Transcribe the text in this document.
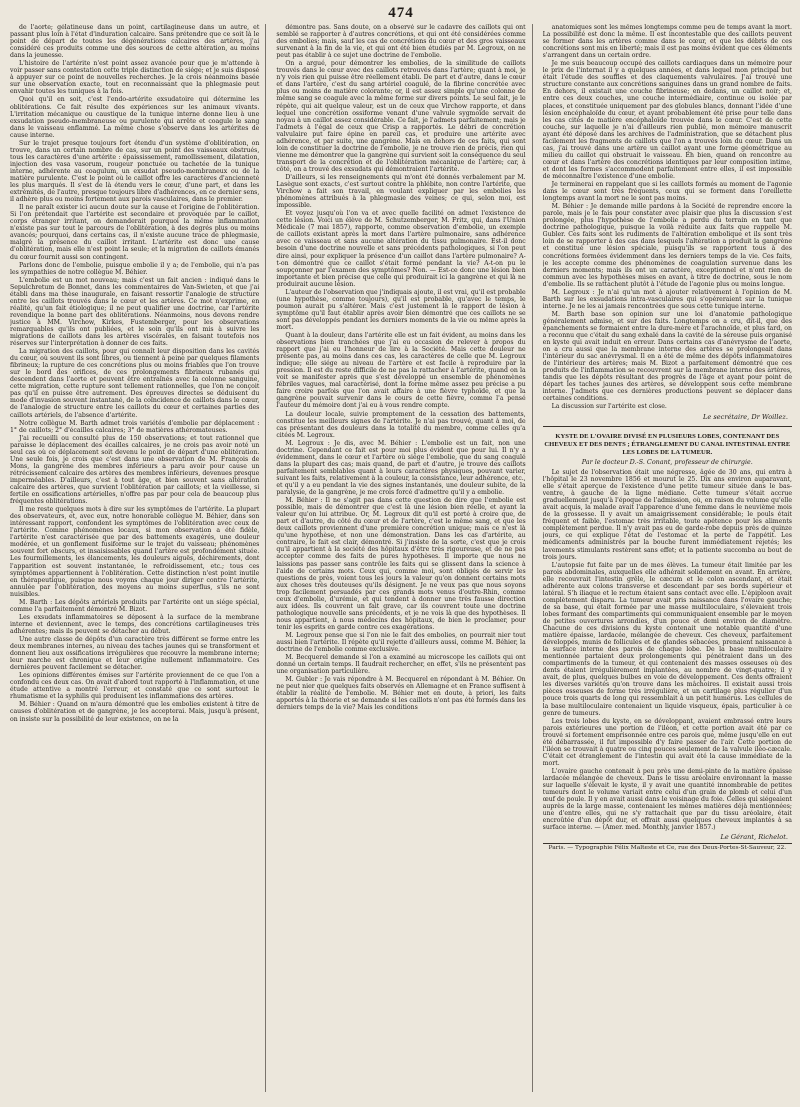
474

de l'aorte; gélatineuse dans un point, cartilagineuse dans un autre, et passant plus loin à l'état d'induration calcaire. Sans prétendre que ce soit là le point de départ de toutes les dégénérations calcaires des artères, j'ai considéré ces produits comme une des sources de cette altération, au moins dans la jeunesse.

L'histoire de l'artérite n'est point assez avancée pour que je m'attende à voir passer sans contestation cette triple distinction de siége; et je suis disposé à appuyer sur ce point de nouvelles recherches. Je la crois néanmoins basée sur une observation exacte, tout en reconnaissant que la phlegmasie peut envahir toutes les tuniques à la fois.

Quoi qu'il en soit, c'est l'endo-artérite exsudatoire qui détermine les oblitérations. Ce fait résulte des expériences sur les animaux vivants. L'irritation mécanique ou caustique de la tunique interne donne lieu à une exsudation pseudo-membraneuse ou purulente qui arrête et coagule le sang dans le vaisseau enflammé. La même chose s'observe dans les artérites de cause interne.

Sur le trajet presque toujours fort étendu d'un système d'oblitération, on trouve, dans un certain nombre de cas, sur un point des vaisseaux obstrués, tous les caractères d'une artérite : épaississement, ramollissement, dilatation, injection des vasa vasorum, rougeur ponctuée ou tachetée de la tunique interne, adhérente au coagulum, un exsudat pseudo-membraneux ou de la matière purulente. C'est le point où le caillot offre les caractères d'ancienneté les plus marqués. Il s'est de là étendu vers le cœur, d'une part, et dans les extrémités, de l'autre, presque toujours libre d'adhérences, en ce dernier sens, il adhère plus ou moins fortement aux parois vasculaires, dans le premier.

Il ne paraît exister ici aucun doute sur la cause et l'origine de l'oblitération. Si l'on prétendait que l'artérite est secondaire et provoquée par le caillot, corps étranger irritant, on demanderait pourquoi la même inflammation n'existe pas sur tout le parcours de l'oblitération, à des degrés plus ou moins avancés; pourquoi, dans certains cas, il n'existe aucune trace de phlegmasie, malgré la présence du caillot irritant. L'artérite est donc une cause d'oblitération, mais elle n'est point la seule; et la migration de caillots émanés du cœur fournit aussi son contingent.

Parlons donc de l'embolie, puisque embolie il y a; de l'embolie, qui n'a pas les sympathies de notre collègue M. Béhier.

L'embolie est un mot nouveau; mais c'est un fait ancien : indiqué dans le Sepulchretum de Bonnet, dans les commentaires de Van-Swieten, et que j'ai établi dans ma thèse inaugurale, en faisant ressortir l'analogie de structure entre les caillots trouvés dans le cœur et les artères. Ce mot n'exprime, en réalité, qu'un fait étiologique; il ne peut qualifier une doctrine, car l'artérite revendique la bonne part des oblitérations. Néanmoins, nous devons rendre justice à MM. Virchow, Kirkes, Fustemberger, pour les observations remarquables qu'ils ont publiées, et le soin qu'ils ont mis à suivre les migrations de caillots dans les artères viscérales, en faisant toutefois nos réserves sur l'interprétation à donner de ces faits.

La migration des caillots, pour qui connaît leur disposition dans les cavités du cœur, où souvent ils sont libres, ou tiennent à peine par quelques filaments fibrineux; la rupture de ces concrétions plus ou moins friables que l'on trouve sur le bord des orifices, de ces prolongements fibrineux rubanés qui descendent dans l'aorte et peuvent être entraînés avec la colonne sanguine, cette migration, cette rupture sont tellement rationnelles, que l'on ne conçoit pas qu'il en puisse être autrement. Des épreuves directes se déduisent du mode d'invasion souvent instantané, de la coïncidence de caillots dans le cœur, de l'analogie de structure entre les caillots du cœur et certaines parties des caillots artériels, de l'absence d'artérite.

Notre collègue M. Barth admet trois variétés d'embolie par déplacement : 1° de caillots; 2° d'écailles calcaires; 3° de matières athéromateuses.

J'ai recueilli ou consulté plus de 150 observations; et tout rationnel que paraisse le déplacement des écailles calcaires, je ne crois pas avoir noté un seul cas où ce déplacement soit devenu le point de départ d'une oblitération. Une seule fois, je crois que c'est dans une observation de M. François de Mons, la gangrène des membres inférieurs a paru avoir pour cause un rétrécissement calcaire des artères des membres inférieurs, devenues presque imperméables. D'ailleurs, c'est à tout âge, et bien souvent sans altération calcaire des artères, que survient l'oblitération par caillots; et la vieillesse, si fertile en ossifications artérielles, n'offre pas par pour cela de beaucoup plus fréquentes oblitérations.

Il me reste quelques mots à dire sur les symptômes de l'artérite. La plupart des observateurs, et, avec eux, notre honorable collègue M. Béhier, dans son intéressant rapport, confondent les symptômes de l'oblitération avec ceux de l'artérite. Comme phénomènes locaux, si mon observation a été fidèle, l'artérite n'est caractérisée que par des battements exagérés, une douleur modérée, et un gonflement fusiforme sur le trajet du vaisseau; phénomènes souvent fort obscurs, et insaisissables quand l'artère est profondément située. Les fourmillements, les élancements, les douleurs aiguës, déchirements, dont l'apparition est souvent instantanée, le refroidissement, etc.; tous ces symptômes appartiennent à l'oblitération. Cette distinction n'est point inutile en thérapeutique, puisque nous voyons chaque jour diriger contre l'artérite, annulée par l'oblitération, des moyens au moins superflus, s'ils ne sont nuisibles.

M. Barth : Les dépôts artériels produits par l'artérite ont un siége spécial, comme l'a parfaitement démontré M. Bizot.

Les exsudats inflammatoires se déposent à la surface de la membrane interne et deviennent, avec le temps, des concrétions cartilagineuses très adhérentes; mais ils peuvent se détacher au début.

Une autre classe de dépôts d'un caractère très différent se forme entre les deux membranes internes, au niveau des taches jaunes qui se transforment et donnent lieu aux ossifications irrégulières que recouvre la membrane interne; leur marche est chronique et leur origine nullement inflammatoire. Ces dernières peuvent facilement se détacher.

Les opinions différentes émises sur l'artérite proviennent de ce que l'on a confondu ces deux cas. On avait d'abord tout rapporté à l'inflammation, et une étude attentive a montré l'erreur, et constaté que ce sont surtout le rhumatisme et la syphilis qui produisent les inflammations des artères.

M. Béhier : Quand on m'aura démontré que les embolies existent à titre de causes d'oblitération et de gangrène, je les accepterai. Mais, jusqu'à présent, on insiste sur la possibilité de leur existence, on ne la

démontre pas. Sans doute, on a observé sur le cadavre des caillots qui ont semblé se rapporter à d'autres concrétions, et qui ont été considérées comme des embolies; mais, sauf les cas de concrétions du cœur et des gros vaisseaux survenant à la fin de la vie, et qui ont été bien étudiés par M. Legroux, on ne peut pas établir à ce sujet une doctrine de l'embolie.

On a argué, pour démontrer les embolies, de la similitude de caillots trouvés dans le cœur avec des caillots retrouvés dans l'artère; quant à moi, je n'y vois rien qui puisse être réellement établi. De part et d'autre, dans le cœur et dans l'artère, c'est du sang artériel coagulé, de la fibrine concrétée avec plus ou moins de matière colorante; or, il est assez simple qu'une colonne de même sang se coagule avec la même forme sur divers points. Le seul fait, je le répète, qui ait quelque valeur, est un de ceux que Virchow rapporte, et dans lequel une concrétion ossiforme venant d'une valvule sygmoïde servait de noyau à un caillot assez considérable. Ce fait, je l'admets parfaitement; mais je l'admets à l'égal de ceux que Crisp a rapportés. Le débri de concrétion valvulaire put faire épine en pareil cas, et produire une artérite avec adhérence, et par suite, une gangrène. Mais en dehors de ces faits, qui sont loin de constituer la doctrine de l'embolie, je ne trouve rien de précis, rien qui vienne me démontrer que la gangrène qui survient soit la conséquence du seul transport de la concrétion et de l'oblitération mécanique de l'artère; car, à côté, on a trouvé des exsudats qui démontraient l'artérite.

D'ailleurs, si les renseignements qui m'ont été donnés verbalement par M. Lasègue sont exacts, c'est surtout contre la phlébite, non contre l'artérite, que Virchow a fait son travail, en voulant expliquer par les embolies les phénomènes attribués à la phlegmasie des veines; ce qui, selon moi, est impossible.

Et voyez jusqu'où l'on va et avec quelle facilité on admet l'existence de cette lésion. Voici un élève de M. Schutzemberger, M. Fritz, qui, dans l'Union Médicale (7 mai 1857), rapporte, comme observation d'embolie, un exemple de caillots existant après la mort dans l'artère pulmonaire, sans adhérence avec ce vaisseau et sans aucune altération du tissu pulmonaire. Est-il donc besoin d'une doctrine nouvelle et sans précédents pathologiques, si l'on peut dire ainsi, pour expliquer la présence d'un caillot dans l'artère pulmonaire? A-t-on démontré que ce caillot s'était formé pendant la vie? A-t-on pu le soupçonner par l'examen des symptômes? Non. — Est-ce donc une lésion bien importante et bien précise que celle qui produirait ici la gangrène et qui là ne produirait aucune lésion.

L'auteur de l'observation que j'indiquais ajoute, il est vrai, qu'il est probable (une hypothèse, comme toujours), qu'il est probable, qu'avec le temps, le poumon aurait pu s'altérer. Mais c'est justement là le rapport de lésion à symptôme qu'il faut établir après avoir bien démontré que ces caillots ne se sont pas développés pendant les derniers moments de la vie ou même après la mort.

Quant à la douleur, dans l'artérite elle est un fait évident, au moins dans les observations bien tranchées que j'ai eu occasion de relever à propos du rapport que j'ai eu l'honneur de lire à la Société. Mais cette douleur ne présente pas, au moins dans ces cas, les caractères de celle que M. Legroux indique; elle siége au niveau de l'artère et est facile à reproduire par la pression. Il est du reste difficile de ne pas la rattacher à l'artérite, quand on la voit se manifester après que s'est développé un ensemble de phénomènes fébriles vagues, mal caractérisé, dont la forme même assez peu précise a pu faire croire parfois que l'on avait affaire à une fièvre typhoïde, et que la gangrène pouvait survenir dans le cours de cette fièvre, comme l'a pensé l'auteur du mémoire dont j'ai eu à vous rendre compte.

La douleur locale, suivie promptement de la cessation des battements, constitue les meilleurs signes de l'artérite. Je n'ai pas trouvé, quant à moi, de cas présentant des douleurs dans la totalité du membre, comme celles qu'a citées M. Legroux.

M. Legroux : Je dis, avec M. Béhier : L'embolie est un fait, non une doctrine. Cependant ce fait est pour moi plus évident que pour lui. Il n'y a évidemment, dans le cœur et l'artère où siége l'embolie, que du sang coagulé dans la plupart des cas; mais quand, de part et d'autre, je trouve des caillots parfaitement semblables quant à leurs caractères physiques, pouvant varier, suivant les faits, relativement à la couleur, la consistance, leur adhérence, etc., et qu'il y a eu pendant la vie des signes instantanés, une douleur subite, de la paralysie, de la gangrène, je me crois forcé d'admettre qu'il y a embolie.

M. Béhier : Il ne s'agit pas dans cette question de dire que l'embolie est possible, mais de démontrer que c'est là une lésion bien réelle, et ayant la valeur qu'on lui attribue. Or, M. Legroux dit qu'il est porté à croire que, de part et d'autre, du côté du cœur et de l'artère, c'est le même sang, et que les deux caillots proviennent d'une première concrétion unique; mais ce n'est là qu'une hypothèse, et non une démonstration. Dans les cas d'artérite, au contraire, le fait est clair, démontré. Si j'insiste de la sorte, c'est que je crois qu'il appartient à la société des hôpitaux d'être très rigoureuse, et de ne pas accepter comme des faits de pures hypothèses. Il importe que nous ne laissions pas passer sans contrôle les faits qui se glissent dans la science à l'aide de certains mots. Ceux qui, comme moi, sont obligés de servir les questions de près, voient tous les jours la valeur qu'on donnent certains mots aux choses très douteuses qu'ils désignent. Je ne veux pas que nous soyons trop facilement persuadés par ces grands mots venus d'outre-Rhin, comme ceux d'embolie, d'urémie, et qui tendent à donner une très fausse direction aux idées. Ils couvrent un fait grave, car ils couvrent toute une doctrine pathologique nouvelle sans précédents, et je ne vois là que des hypothèses. Il nous appartient, à nous médecins des hôpitaux, de bien le proclamer, pour tenir les esprits en garde contre ces exagérations.

M. Legroux pense que si l'on nie le fait des embolies, on pourrait nier tout aussi bien l'artérite. Il répète qu'il rejette d'ailleurs aussi, comme M. Béhier, la doctrine de l'embolie comme exclusive.

M. Becquerel demande si l'on a examiné au microscope les caillots qui ont donné un certain temps. Il faudrait rechercher, en effet, s'ils ne présentent pas une organisation particulière.

M. Gubler : Je vais répondre à M. Becquerel en répondant à M. Béhier. On ne peut nier que quelques faits observés en Allemagne et en France suffisent à établir la réalité de l'embolie. M. Béhier met en doute, à priori, les faits apportés à la théorie et se demande si les caillots n'ont pas été formés dans les derniers temps de la vie? Mais les conditions

anatomiques sont les mêmes longtemps comme peu de temps avant la mort. La possibilité est donc la même. Il est incontestable que des caillots peuvent se former dans les artères comme dans le cœur, et que les débris de ces concrétions sont mis en liberté; mais il est pas moins évident que ces éléments s'arrangent dans un certain ordre.

Je me suis beaucoup occupé des caillots cardiaques dans un mémoire pour le prix de l'internat il y a quelques années, et dans lequel mon principal but était l'étude des souffles et des claquements valvulaires. J'ai trouvé une structure constante aux concrétions sanguines dans un grand nombre de faits. En dehors, il existait une couche fibrineuse; en dedans, un caillot noir; et, entre ces deux couches, une couche intermédiaire, continue ou isolée par places, et constituée uniquement par des globules blancs, donnant l'idée d'une lésion encéphaloïde du cœur, et ayant probablement été prise pour telle dans les cas cités de matière encéphaloïde trouvée dans le cœur. C'est de cette couche, sur laquelle je n'ai d'ailleurs rien publié, mon mémoire manuscrit ayant été déposé dans les archives de l'administration, que se détachent plus facilement les fragments de caillots que l'on a trouvés loin du cœur. Dans un cas, j'ai trouvé dans une artère un caillot ayant une forme géométrique au milieu du caillot qui obstruait le vaisseau. Eh bien, quand on rencontre au cœur et dans l'artère des concrétions identiques par leur composition intime, et dont les formes s'accommodent parfaitement entre elles, il est impossible de méconnaître l'existence d'une embolie.

Je terminerai en rappelant que si les caillots formés au moment de l'agonie dans le cœur sont très fréquents, ceux qui se forment dans l'oreillette longtemps avant la mort ne le sont pas moins.

M. Béhier : Je demande mille pardons à la Société de reprendre encore la parole, mais je le fais pour constater avec plaisir que plus la discussion s'est prolongée, plus l'hypothèse de l'embolie a perdu du terrain en tant que doctrine pathologique, puisque la voilà réduite aux faits que rappelle M. Gubler. Ces faits sont les rudiments de l'altération embolique et ils sont très loin de se rapporter à des cas dans lesquels l'altération a produit la gangrène et constitué une lésion spéciale, puisqu'ils se rapportent tous à des concrétions formées évidemment dans les derniers temps de la vie. Ces faits, je les accepte comme des phénomènes de coagulation survenue dans les derniers moments; mais ils ont un caractère, exceptionnel et n'ont rien de commun avec les hypothèses mises en avant, à titre de doctrine, sous le nom d'embolie. Ils se rattachent plutôt à l'étude de l'agonie plus ou moins longue.

M. Legroux : Je n'ai qu'un mot à ajouter relativement à l'opinion de M. Barth sur les exsudations intra-vasculaires qui s'opéreraient sur la tunique interne. Je ne les ai jamais rencontrées que sous cette tunique interne.

M. Barth base son opinion sur une loi d'anatomie pathologique généralement admise, et sur des faits. Longtemps on a cru, dit-il, que des épanchements se formaient entre la dure-mère et l'arachnoïde, et plus tard, on a reconnu que c'était du sang exhalé dans la cavité de la séreuse puis organisé en kyste qui avait induit en erreur. Dans certains cas d'anévrysme de l'aorte, on a cru aussi que la membrane interne des artères se prolongeait dans l'intérieur du sac anévrysmal. Il en a été de même des dépôts inflammatoires de l'intérieur des artères; mais M. Bizot a parfaitement démontré que ces produits de l'inflammation se recouvrent sur la membrane interne des artères, tandis que les dépôts résultant des progrès de l'âge et ayant pour point de départ les taches jaunes des artères, se développent sous cette membrane interne. J'admets que ces dernières productions peuvent se déplacer dans certaines conditions.

La discussion sur l'artérite est close.

Le secrétaire, Dr Woillez.
KYSTE DE L'OVAIRE DIVISÉ EN PLUSIEURS LOBES, CONTENANT DES CHEVEUX ET DES DENTS ; ÉTRANGLEMENT DU CANAL INTESTINAL ENTRE LES LOBES DE LA TUMEUR.
Par le docteur D.-S. Conant, professeur de chirurgie.

Le sujet de l'observation était une négresse, âgée de 30 ans, qui entra à l'hôpital le 23 novembre 1856 et mourut le 25. Dix ans environ auparavant, elle s'était aperçue de l'existence d'une petite tumeur située dans le bas-ventre, à gauche de la ligne médiane. Cette tumeur s'était accrue graduellement jusqu'à l'époque de l'admission, où, en raison du volume qu'elle avait acquis, la malade avait l'apparence d'une femme dans le neuvième mois de la grossesse. Il y avait un amaigrissement considérable; le pouls était fréquent et faible, l'estomac très irritable, toute apétence pour les aliments complètement perdue. Il n'y avait pas eu de garde-robe depuis près de quinze jours, ce qui explique l'état de l'estomac et la perte de l'appétit. Les médicaments administrés par la bouche furent immédiatement rejetés; les lavements stimulants restèrent sans effet; et la patiente succomba au bout de trois jours.

L'autopsie fut faite par un de mes élèves. La tumeur était limitée par les parois abdominales, auxquelles elle adhérait solidement en avant. En arrière, elle recouvrait l'intestin grêle, le cæcum et le colon ascendant, et était adhérente aux colons transverse et descendant par ses bords supérieur et latéral. S'h iliaque et le rectum étaient sans contact avec elle. L'épiploon avait complètement disparu. La tumeur avait pris naissance dans l'ovaire gauche; de sa base, qui était formée par une masse multiloculaire, s'élevaient trois lobes formant des compartiments qui communiquaient ensemble par le moyen de petites ouvertures arrondies, d'un pouce et demi environ de diamètre. Chacune de ces divisions du kyste contenait une notable quantité d'une matière épaisse, lardacée, mélangée de cheveux. Ces cheveux, parfaitement développés, munis de follicules et de glandes sébacées, prenaient naissance à la surface interne des parois de chaque lobe. De la base multiloculaire mentionnée partaient deux prolongements qui pénétraient dans un des compartiments de la tumeur, et qui contenaient des masses osseuses où des dents étaient irrégulièrement implantées, au nombre de vingt-quatre; il y avait, de plus, quelques bulbes en voie de développement. Ces dents offraient les diverses variétés qu'on trouve dans les mâchoires. Il existait aussi trois pièces osseuses de forme très irrégulière, et un cartilage plus régulier d'un pouce trois quarts de long qui ressemblait à un petit humérus. Les cellules de la base multiloculaire contenaient un liquide visqueux, épais, particulier à ce genre de tumeurs.

Les trois lobes du kyste, en se développant, avaient embrassé entre leurs parois extérieures une portion de l'iléon, et cette portion avait été par ce trouvé si fortement emprisonnée entre ces parois que, même jusqu'elle en eut été débarrassée, il fut impossible d'y faire passer de l'air. Cette portion de l'iléon se trouvait à quatre ou cinq pouces seulement de la valvule iléo-cæcale. C'était cet étranglement de l'intestin qui avait été la cause immédiate de la mort.

L'ovaire gauche contenait à peu près une demi-pinte de la matière épaisse lardacée mélangée de cheveux. Dans le tissu aréolaire environnant la masse sur laquelle s'élevait le kyste, il y avait une quantité innombrable de petites tumeurs dont le volume variait entre celui d'un grain de plomb et celui d'un œuf de poule. Il y en avait aussi dans le voisinage du foie. Celles qui siégeaient auprès de la large masse, contenaient les mêmes matières déjà mentionnées; une d'entre elles, qui ne s'y rattachait que par du tissu aréolaire, était encroûtée d'un dépôt dur, et offrait aussi quelques cheveux implantés à sa surface interne. — (Amer. med. Monthly, janvier 1857.)

Le Gérant, Richelot.
Paris. — Typographie Félix Malteste et Ce, rue des Deux-Portes-St-Sauveur, 22.
